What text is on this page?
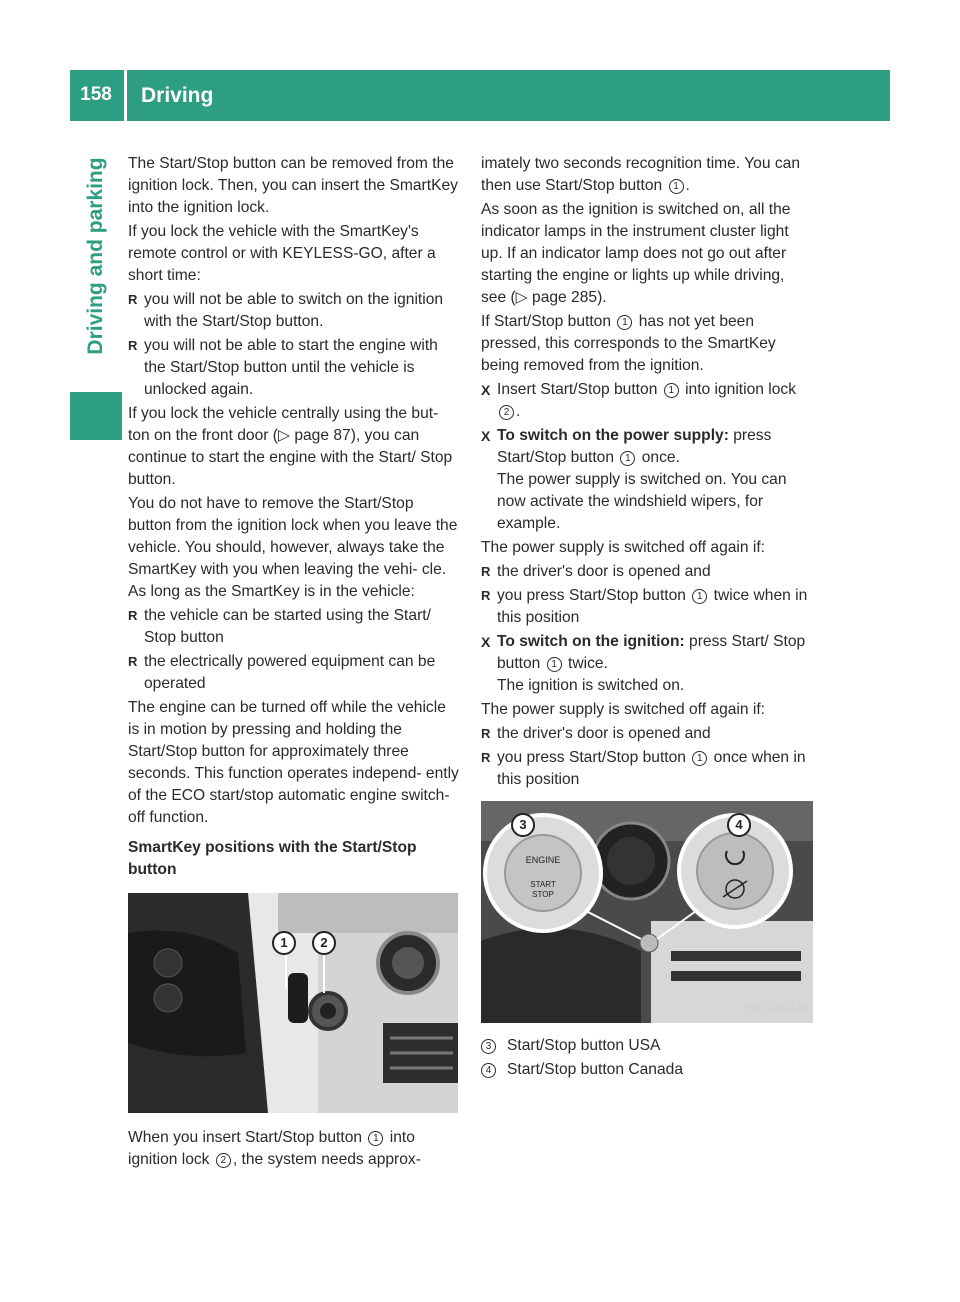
158	Driving
Driving and parking The Start/Stop button can be removed from the ignition lock. Then, you can insert the SmartKey into the ignition lock.

If you lock the vehicle with the SmartKey's remote control or with KEYLESS-GO, after a short time:

R you will not be able to switch on the ignition with the Start/Stop button.
R you will not be able to start the engine with the Start/Stop button until the vehicle is unlocked again.

If you lock the vehicle centrally using the but- ton on the front door (▷ page 87), you can continue to start the engine with the Start/ Stop button.

You do not have to remove the Start/Stop button from the ignition lock when you leave the vehicle. You should, however, always take the SmartKey with you when leaving the vehi- cle. As long as the SmartKey is in the vehicle:

R the vehicle can be started using the Start/ Stop button
R the electrically powered equipment can be operated

The engine can be turned off while the vehicle is in motion by pressing and holding the Start/Stop button for approximately three seconds. This function operates independ- ently of the ECO start/stop automatic engine switch-off function.

SmartKey positions with the Start/Stop button
1	2
P15.10-2480-31

When you insert Start/Stop button 1 into ignition lock 2 , the system needs approx-

imately two seconds recognition time. You can then use Start/Stop button 1 .

As soon as the ignition is switched on, all the indicator lamps in the instrument cluster light up. If an indicator lamp does not go out after starting the engine or lights up while driving, see (▷ page 285).

If Start/Stop button 1 has not yet been pressed, this corresponds to the SmartKey being removed from the ignition.

X Insert Start/Stop button 1 into ignition lock 2 .
X To switch on the power supply: press Start/Stop button 1 once.
The power supply is switched on. You can now activate the windshield wipers, for example.

The power supply is switched off again if:

R the driver's door is opened and
R you press Start/Stop button 1 twice when in this position
X To switch on the ignition: press Start/ Stop button 1 twice.
The ignition is switched on.

The power supply is switched off again if:

R the driver's door is opened and
R you press Start/Stop button 1 once when in this position
ENGINE
START
STOP
3	4
P80.61-2424-31
3	Start/Stop button USA
4	Start/Stop button Canada
